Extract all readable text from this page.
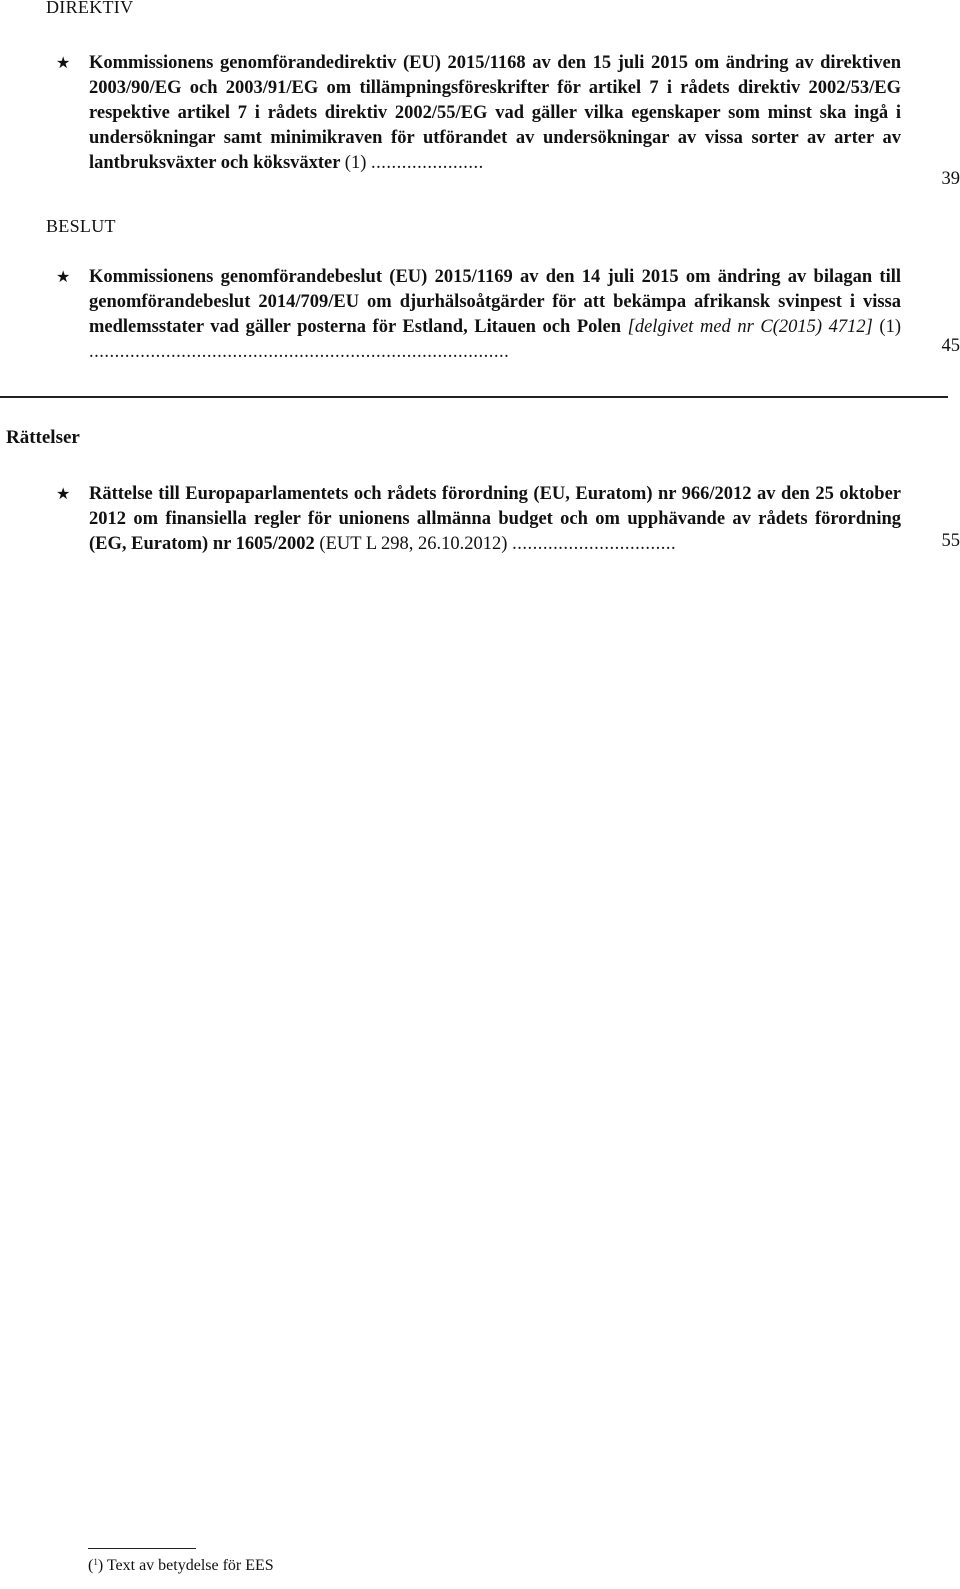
DIREKTIV
★ Kommissionens genomförandedirektiv (EU) 2015/1168 av den 15 juli 2015 om ändring av direktiven 2003/90/EG och 2003/91/EG om tillämpningsföreskrifter för artikel 7 i rådets direktiv 2002/53/EG respektive artikel 7 i rådets direktiv 2002/55/EG vad gäller vilka egenskaper som minst ska ingå i undersökningar samt minimikraven för utförandet av undersökningar av vissa sorter av arter av lantbruksväxter och köksväxter (1) ......................
39
BESLUT
★ Kommissionens genomförandebeslut (EU) 2015/1169 av den 14 juli 2015 om ändring av bilagan till genomförandebeslut 2014/709/EU om djurhälsoåtgärder för att bekämpa afrikansk svinpest i vissa medlemsstater vad gäller posterna för Estland, Litauen och Polen [delgivet med nr C(2015) 4712] (1) ..................................................................................	45
Rättelser
★ Rättelse till Europaparlamentets och rådets förordning (EU, Euratom) nr 966/2012 av den 25 oktober 2012 om finansiella regler för unionens allmänna budget och om upphävande av rådets förordning (EG, Euratom) nr 1605/2002 (EUT L 298, 26.10.2012) ................................	55
($^1$) Text av betydelse för EES
